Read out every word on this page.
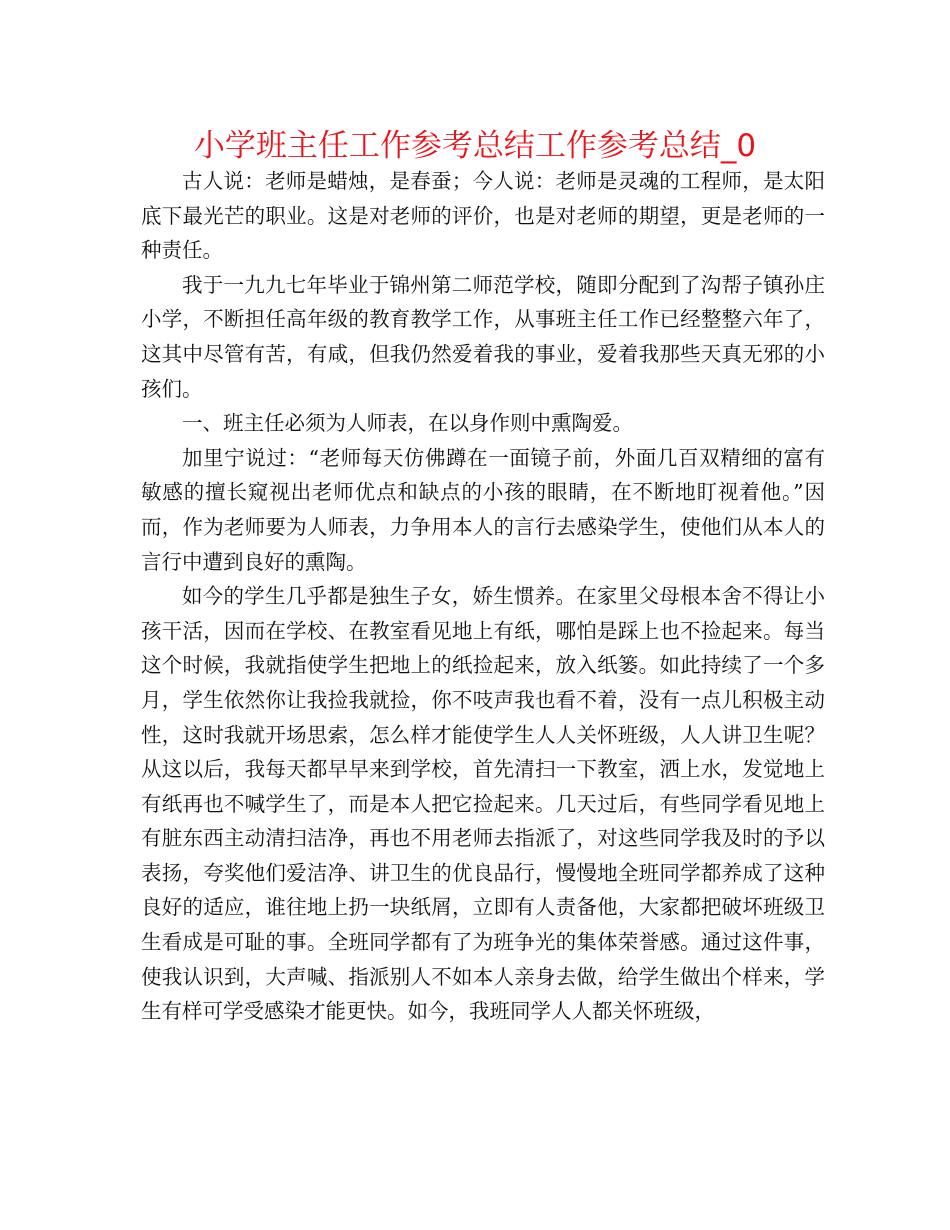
小学班主任工作参考总结工作参考总结_0

古人说：老师是蜡烛，是春蚕；今人说：老师是灵魂的工程师，是太阳底下最光芒的职业。这是对老师的评价，也是对老师的期望，更是老师的一种责任。

我于一九九七年毕业于锦州第二师范学校，随即分配到了沟帮子镇孙庄小学，不断担任高年级的教育教学工作，从事班主任工作已经整整六年了，这其中尽管有苦，有咸，但我仍然爱着我的事业，爱着我那些天真无邪的小孩们。

一、班主任必须为人师表，在以身作则中熏陶爱。

加里宁说过：“老师每天仿佛蹲在一面镜子前，外面几百双精细的富有敏感的擅长窥视出老师优点和缺点的小孩的眼睛，在不断地盯视着他。”因而，作为老师要为人师表，力争用本人的言行去感染学生，使他们从本人的言行中遭到良好的熏陶。

如今的学生几乎都是独生子女，娇生惯养。在家里父母根本舍不得让小孩干活，因而在学校、在教室看见地上有纸，哪怕是踩上也不捡起来。每当这个时候，我就指使学生把地上的纸捡起来，放入纸篓。如此持续了一个多月，学生依然你让我捡我就捡，你不吱声我也看不着，没有一点儿积极主动性，这时我就开场思索，怎么样才能使学生人人关怀班级，人人讲卫生呢？从这以后，我每天都早早来到学校，首先清扫一下教室，洒上水，发觉地上有纸再也不喊学生了，而是本人把它捡起来。几天过后，有些同学看见地上有脏东西主动清扫洁净，再也不用老师去指派了，对这些同学我及时的予以表扬，夸奖他们爱洁净、讲卫生的优良品行，慢慢地全班同学都养成了这种良好的适应，谁往地上扔一块纸屑，立即有人责备他，大家都把破坏班级卫生看成是可耻的事。全班同学都有了为班争光的集体荣誉感。通过这件事，使我认识到，大声喊、指派别人不如本人亲身去做，给学生做出个样来，学生有样可学受感染才能更快。如今，我班同学人人都关怀班级，
